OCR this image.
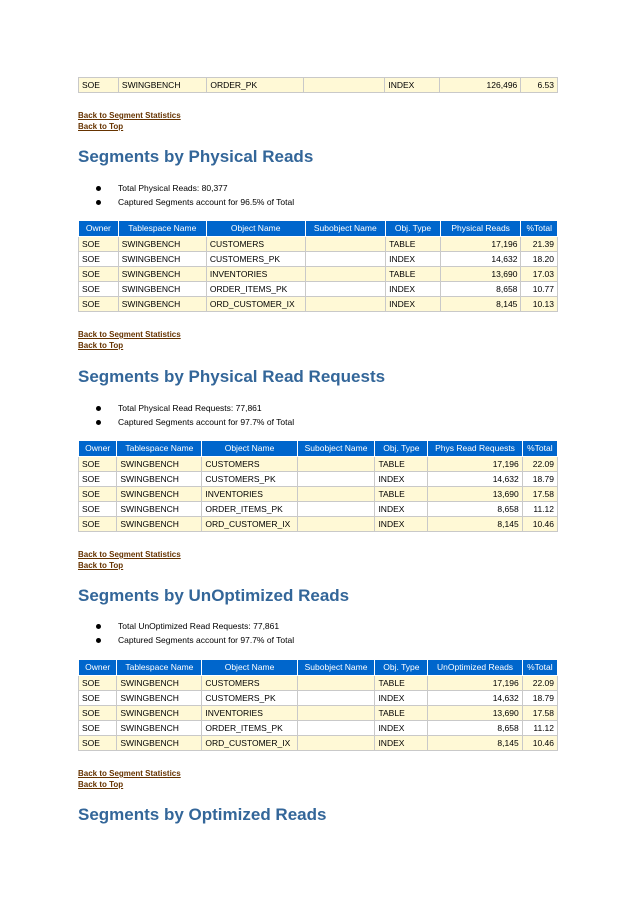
SOE	SWINGBENCH	ORDER_PK		INDEX	126,496	6.53
Back to Segment Statistics
Back to Top
Segments by Physical Reads
Total Physical Reads: 80,377
Captured Segments account for 96.5% of Total
Owner	Tablespace Name	Object Name	Subobject Name	Obj. Type	Physical Reads	%Total
SOE	SWINGBENCH	CUSTOMERS		TABLE	17,196	21.39
SOE	SWINGBENCH	CUSTOMERS_PK		INDEX	14,632	18.20
SOE	SWINGBENCH	INVENTORIES		TABLE	13,690	17.03
SOE	SWINGBENCH	ORDER_ITEMS_PK		INDEX	8,658	10.77
SOE	SWINGBENCH	ORD_CUSTOMER_IX		INDEX	8,145	10.13
Back to Segment Statistics
Back to Top
Segments by Physical Read Requests
Total Physical Read Requests: 77,861
Captured Segments account for 97.7% of Total
Owner	Tablespace Name	Object Name	Subobject Name	Obj. Type	Phys Read Requests	%Total
SOE	SWINGBENCH	CUSTOMERS		TABLE	17,196	22.09
SOE	SWINGBENCH	CUSTOMERS_PK		INDEX	14,632	18.79
SOE	SWINGBENCH	INVENTORIES		TABLE	13,690	17.58
SOE	SWINGBENCH	ORDER_ITEMS_PK		INDEX	8,658	11.12
SOE	SWINGBENCH	ORD_CUSTOMER_IX		INDEX	8,145	10.46
Back to Segment Statistics
Back to Top
Segments by UnOptimized Reads
Total UnOptimized Read Requests: 77,861
Captured Segments account for 97.7% of Total
Owner	Tablespace Name	Object Name	Subobject Name	Obj. Type	UnOptimized Reads	%Total
SOE	SWINGBENCH	CUSTOMERS		TABLE	17,196	22.09
SOE	SWINGBENCH	CUSTOMERS_PK		INDEX	14,632	18.79
SOE	SWINGBENCH	INVENTORIES		TABLE	13,690	17.58
SOE	SWINGBENCH	ORDER_ITEMS_PK		INDEX	8,658	11.12
SOE	SWINGBENCH	ORD_CUSTOMER_IX		INDEX	8,145	10.46
Back to Segment Statistics
Back to Top
Segments by Optimized Reads
